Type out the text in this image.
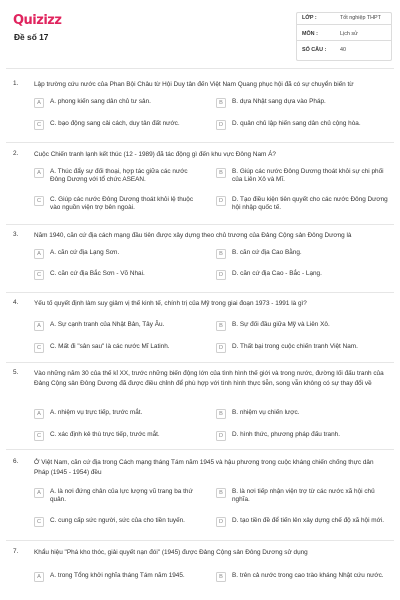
Quizizz
Đề số 17
LỚP :	Tốt nghiệp THPT
MÔN :	Lịch sử
SỐ CÂU :	40
1. Lập trường cứu nước của Phan Bội Châu từ Hội Duy tân đến Việt Nam Quang phục hội đã có sự chuyển biến từ
A	A. phong kiến sang dân chủ tư sản.	B	B. dựa Nhật sang dựa vào Pháp.
C	C. bạo động sang cải cách, duy tân đất nước.	D	D. quân chủ lập hiến sang dân chủ cộng hòa.
2. Cuộc Chiến tranh lạnh kết thúc (12 - 1989) đã tác động gì đến khu vực Đông Nam Á?
A	A. Thúc đẩy sự đối thoại, hợp tác giữa các nước Đông Dương với tổ chức ASEAN.
B	B. Giúp các nước Đông Dương thoát khỏi sự chi phối của Liên Xô và Mĩ.
C	C. Giúp các nước Đông Dương thoát khỏi lệ thuộc vào nguồn viện trợ bên ngoài.
D	D. Tạo điều kiện tiên quyết cho các nước Đông Dương hội nhập quốc tế.
3. Năm 1940, căn cứ địa cách mạng đầu tiên được xây dựng theo chủ trương của Đảng Cộng sản Đông Dương là
A	A. căn cứ địa Lạng Sơn.	B	B. căn cứ địa Cao Bằng.
C	C. căn cứ địa Bắc Sơn - Võ Nhai.	D	D. căn cứ địa Cao - Bắc - Lạng.
4. Yếu tố quyết định làm suy giảm vị thế kinh tế, chính trị của Mỹ trong giai đoạn 1973 - 1991 là gì?
A	A. Sự cạnh tranh của Nhật Bản, Tây Âu.	B	B. Sự đối đầu giữa Mỹ và Liên Xô.
C	C. Mất đi "sân sau" là các nước Mĩ Latinh.	D	D. Thất bại trong cuộc chiến tranh Việt Nam.
5. Vào những năm 30 của thế kỉ XX, trước những biến động lớn của tình hình thế giới và trong nước, đường lối đấu tranh của Đảng Cộng sản Đông Dương đã được điều chỉnh để phù hợp với tình hình thực tiễn, song vẫn không có sự thay đổi về
A	A. nhiệm vụ trực tiếp, trước mắt.	B	B. nhiệm vụ chiến lược.
C	C. xác định kẻ thù trực tiếp, trước mắt.	D	D. hình thức, phương pháp đấu tranh.
6. Ở Việt Nam, căn cứ địa trong Cách mạng tháng Tám năm 1945 và hậu phương trong cuộc kháng chiến chống thực dân Pháp (1945 - 1954) đều
A	A. là nơi đứng chân của lực lượng vũ trang ba thứ quân.
B	B. là nơi tiếp nhận viện trợ từ các nước xã hội chủ nghĩa.
C	C. cung cấp sức người, sức của cho tiền tuyến.	D	D. tạo tiền đề để tiến lên xây dựng chế độ xã hội mới.
7. Khẩu hiệu "Phá kho thóc, giải quyết nạn đói" (1945) được Đảng Cộng sản Đông Dương sử dụng
A	A. trong Tổng khởi nghĩa tháng Tám năm 1945.	B	B. trên cả nước trong cao trào kháng Nhật cứu nước.
